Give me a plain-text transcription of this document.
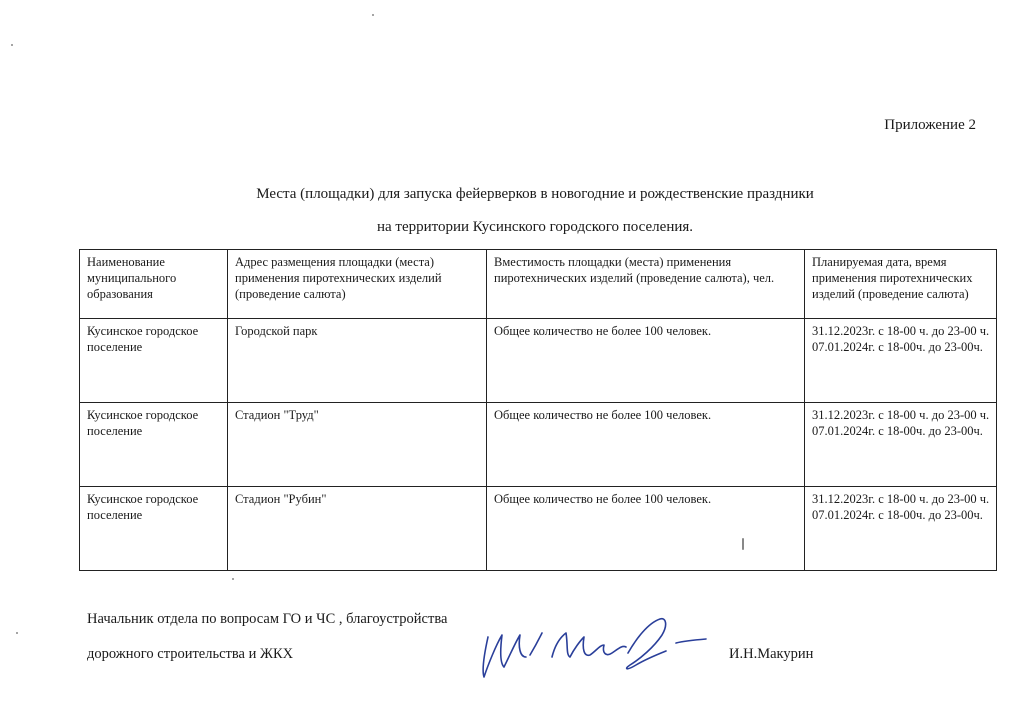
Приложение 2
Места (площадки) для запуска фейерверков в новогодние и рождественские праздники
на территории Кусинского городского поселения.
Наименование муниципального образования	Адрес размещения площадки (места) применения пиротехнических изделий (проведение салюта)	Вместимость площадки (места) применения пиротехнических изделий (проведение салюта), чел.	Планируемая дата, время применения пиротехнических изделий (проведение салюта)
Кусинское городское поселение	Городской парк	Общее количество не более 100 человек.	31.12.2023г. с 18-00 ч. до 23-00 ч.
07.01.2024г. с 18-00ч. до 23-00ч.

Кусинское городское поселение	Стадион "Труд"	Общее количество не более 100 человек.	31.12.2023г. с 18-00 ч. до 23-00 ч.
07.01.2024г. с 18-00ч. до 23-00ч.

Кусинское городское поселение	Стадион "Рубин"	Общее количество не более 100 человек.	31.12.2023г. с 18-00 ч. до 23-00 ч.
07.01.2024г. с 18-00ч. до 23-00ч.
Начальник отдела по вопросам ГО и ЧС , благоустройства
дорожного строительства и ЖКХ	И.Н.Макурин
